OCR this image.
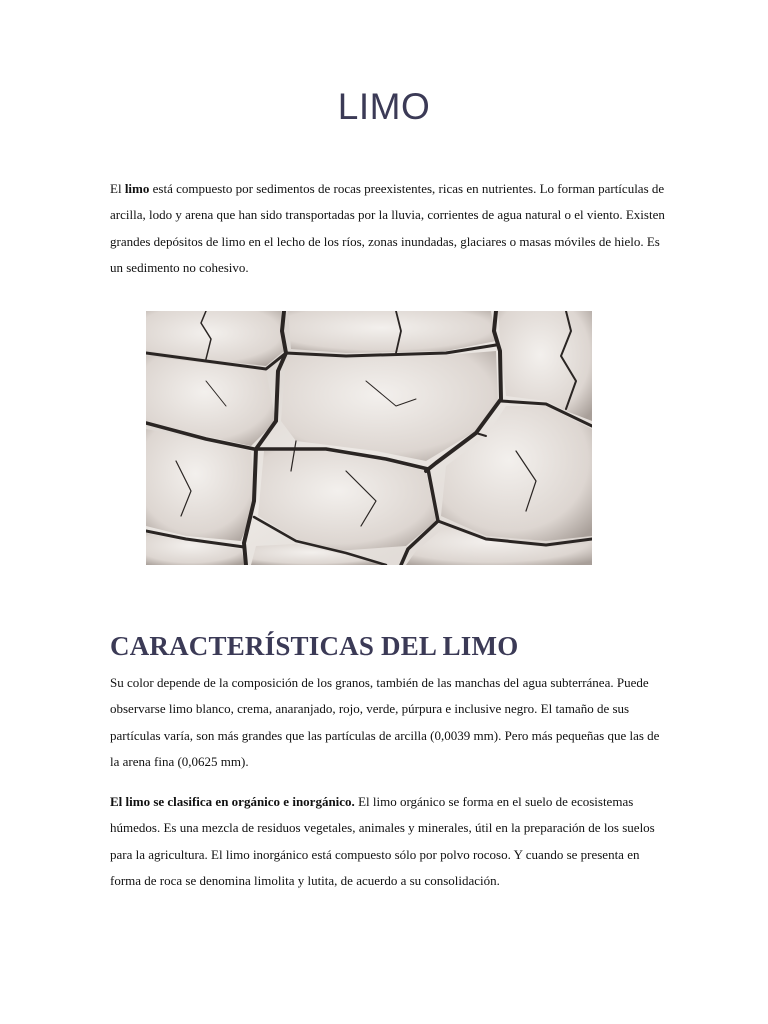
LIMO

El limo está compuesto por sedimentos de rocas preexistentes, ricas en nutrientes. Lo forman partículas de arcilla, lodo y arena que han sido transportadas por la lluvia, corrientes de agua natural o el viento. Existen grandes depósitos de limo en el lecho de los ríos, zonas inundadas, glaciares o masas móviles de hielo. Es un sedimento no cohesivo.

CARACTERÍSTICAS DEL LIMO

Su color depende de la composición de los granos, también de las manchas del agua subterránea. Puede observarse limo blanco, crema, anaranjado, rojo, verde, púrpura e inclusive negro. El tamaño de sus partículas varía, son más grandes que las partículas de arcilla (0,0039 mm). Pero más pequeñas que las de la arena fina (0,0625 mm).

El limo se clasifica en orgánico e inorgánico. El limo orgánico se forma en el suelo de ecosistemas húmedos. Es una mezcla de residuos vegetales, animales y minerales, útil en la preparación de los suelos para la agricultura. El limo inorgánico está compuesto sólo por polvo rocoso. Y cuando se presenta en forma de roca se denomina limolita y lutita, de acuerdo a su consolidación.
